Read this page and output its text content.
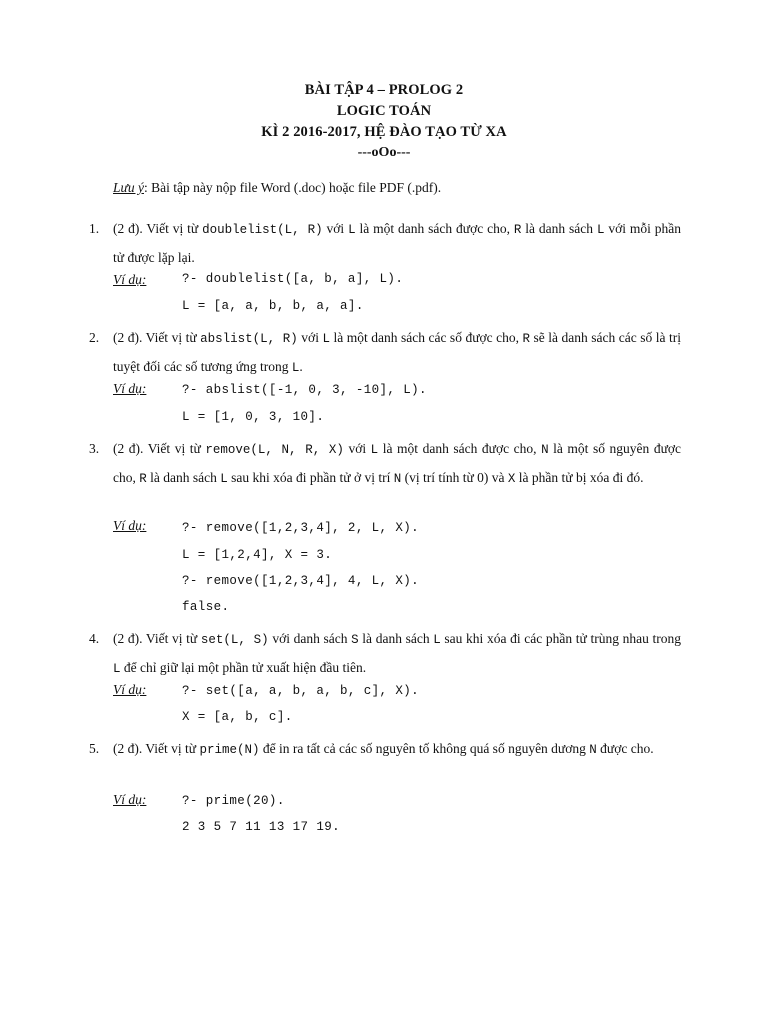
BÀI TẬP 4 – PROLOG 2
LOGIC TOÁN
KÌ 2 2016-2017, HỆ ĐÀO TẠO TỪ XA
---oOo---
Lưu ý: Bài tập này nộp file Word (.doc) hoặc file PDF (.pdf).
1. (2 đ). Viết vị từ doublelist(L, R) với L là một danh sách được cho, R là danh sách L với mỗi phần tử được lặp lại.
Ví dụ:	?- doublelist([a, b, a], L).
L = [a, a, b, b, a, a].
2. (2 đ). Viết vị từ abslist(L, R) với L là một danh sách các số được cho, R sẽ là danh sách các số là trị tuyệt đối các số tương ứng trong L.
Ví dụ:	?- abslist([-1, 0, 3, -10], L).
L = [1, 0, 3, 10].
3. (2 đ). Viết vị từ remove(L, N, R, X) với L là một danh sách được cho, N là một số nguyên được cho, R là danh sách L sau khi xóa đi phần tử ở vị trí N (vị trí tính từ 0) và X là phần tử bị xóa đi đó.
Ví dụ:	?- remove([1,2,3,4], 2, L, X).
L = [1,2,4], X = 3.
?- remove([1,2,3,4], 4, L, X).
false.
4. (2 đ). Viết vị từ set(L, S) với danh sách S là danh sách L sau khi xóa đi các phần tử trùng nhau trong L để chỉ giữ lại một phần tử xuất hiện đầu tiên.
Ví dụ:	?- set([a, a, b, a, b, c], X).
X = [a, b, c].
5. (2 đ). Viết vị từ prime(N) để in ra tất cả các số nguyên tố không quá số nguyên dương N được cho.
Ví dụ:	?- prime(20).
2 3 5 7 11 13 17 19.
